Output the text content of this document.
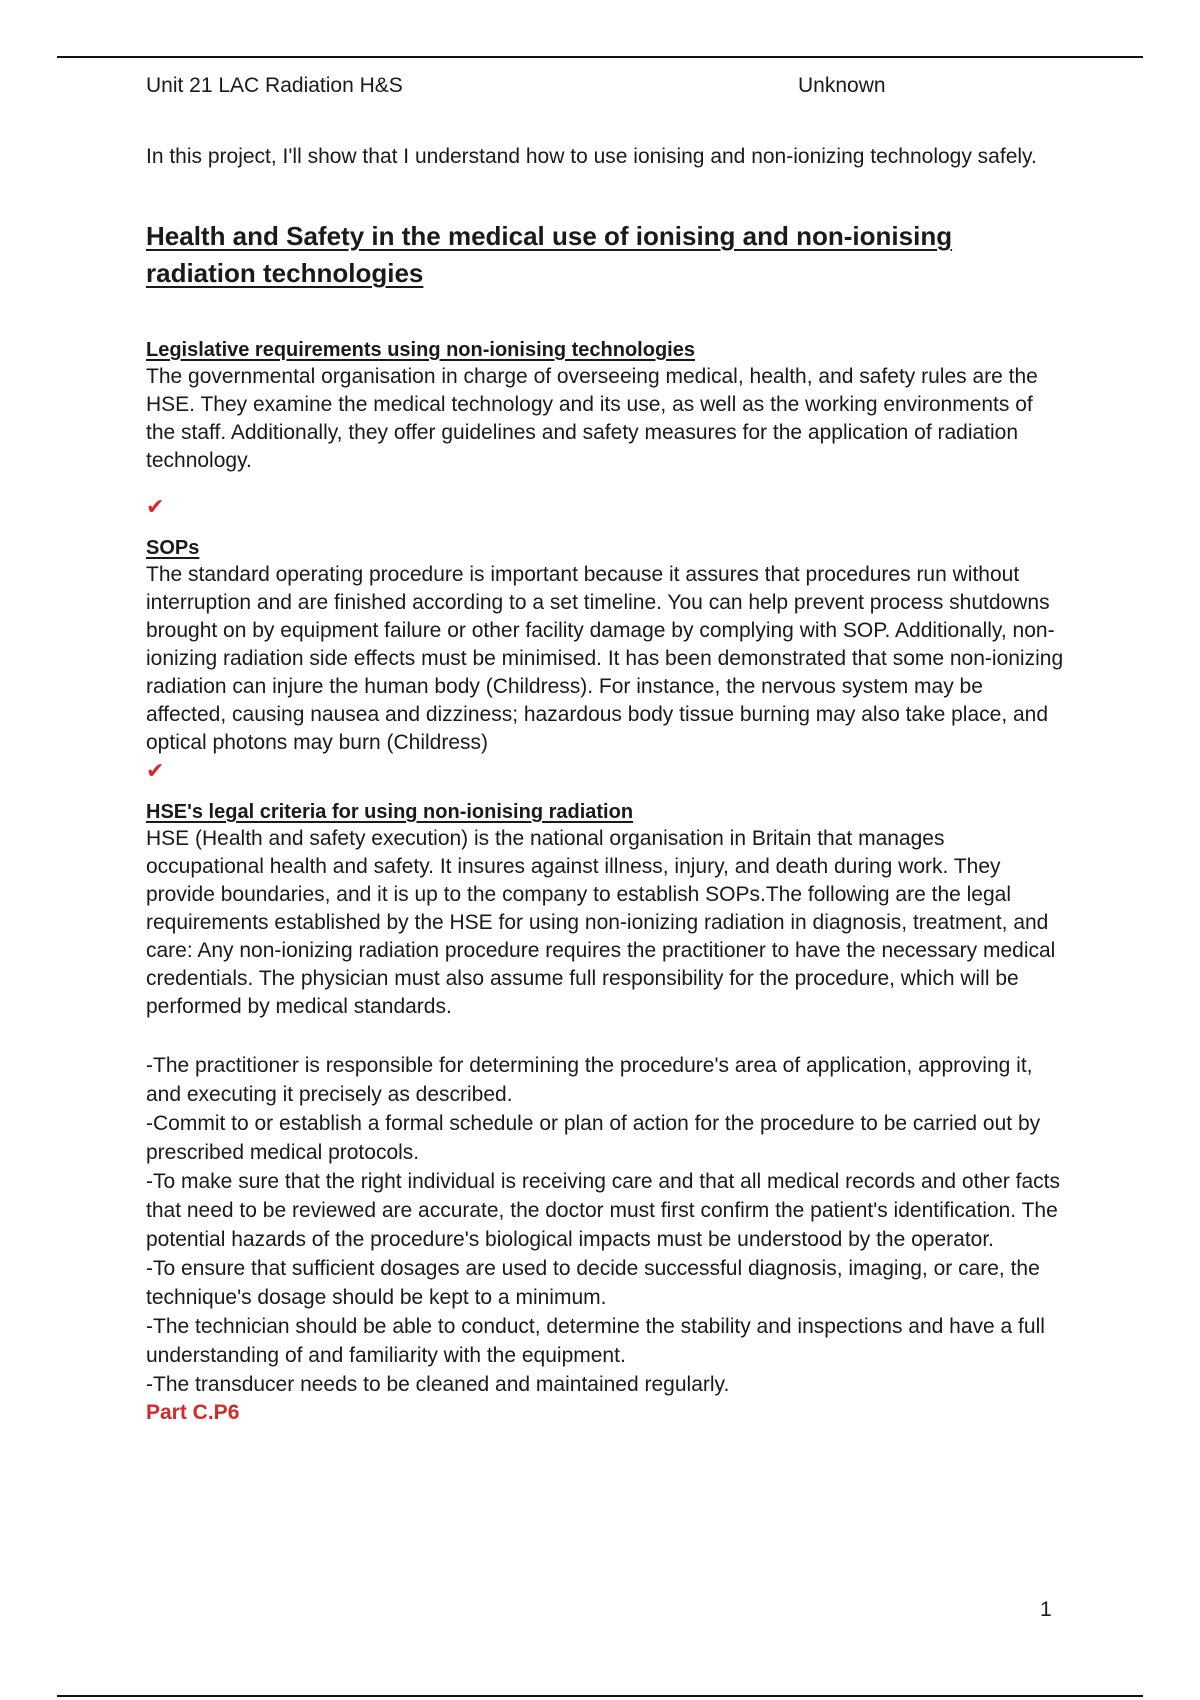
Unit 21 LAC Radiation H&S	Unknown
In this project, I'll show that I understand how to use ionising and non-ionizing technology safely.
Health and Safety in the medical use of ionising and non-ionising radiation technologies
Legislative requirements using non-ionising technologies
The governmental organisation in charge of overseeing medical, health, and safety rules are the HSE. They examine the medical technology and its use, as well as the working environments of the staff. Additionally, they offer guidelines and safety measures for the application of radiation technology.
✔
SOPs
The standard operating procedure is important because it assures that procedures run without interruption and are finished according to a set timeline. You can help prevent process shutdowns brought on by equipment failure or other facility damage by complying with SOP. Additionally, non-ionizing radiation side effects must be minimised. It has been demonstrated that some non-ionizing radiation can injure the human body (Childress). For instance, the nervous system may be affected, causing nausea and dizziness; hazardous body tissue burning may also take place, and optical photons may burn (Childress)
✔
HSE's legal criteria for using non-ionising radiation
HSE (Health and safety execution) is the national organisation in Britain that manages occupational health and safety. It insures against illness, injury, and death during work. They provide boundaries, and it is up to the company to establish SOPs.The following are the legal requirements established by the HSE for using non-ionizing radiation in diagnosis, treatment, and care: Any non-ionizing radiation procedure requires the practitioner to have the necessary medical credentials. The physician must also assume full responsibility for the procedure, which will be performed by medical standards.
-The practitioner is responsible for determining the procedure's area of application, approving it, and executing it precisely as described.
-Commit to or establish a formal schedule or plan of action for the procedure to be carried out by prescribed medical protocols.
-To make sure that the right individual is receiving care and that all medical records and other facts that need to be reviewed are accurate, the doctor must first confirm the patient's identification. The potential hazards of the procedure's biological impacts must be understood by the operator.
-To ensure that sufficient dosages are used to decide successful diagnosis, imaging, or care, the technique's dosage should be kept to a minimum.
-The technician should be able to conduct, determine the stability and inspections and have a full understanding of and familiarity with the equipment.
-The transducer needs to be cleaned and maintained regularly.
Part C.P6
1
